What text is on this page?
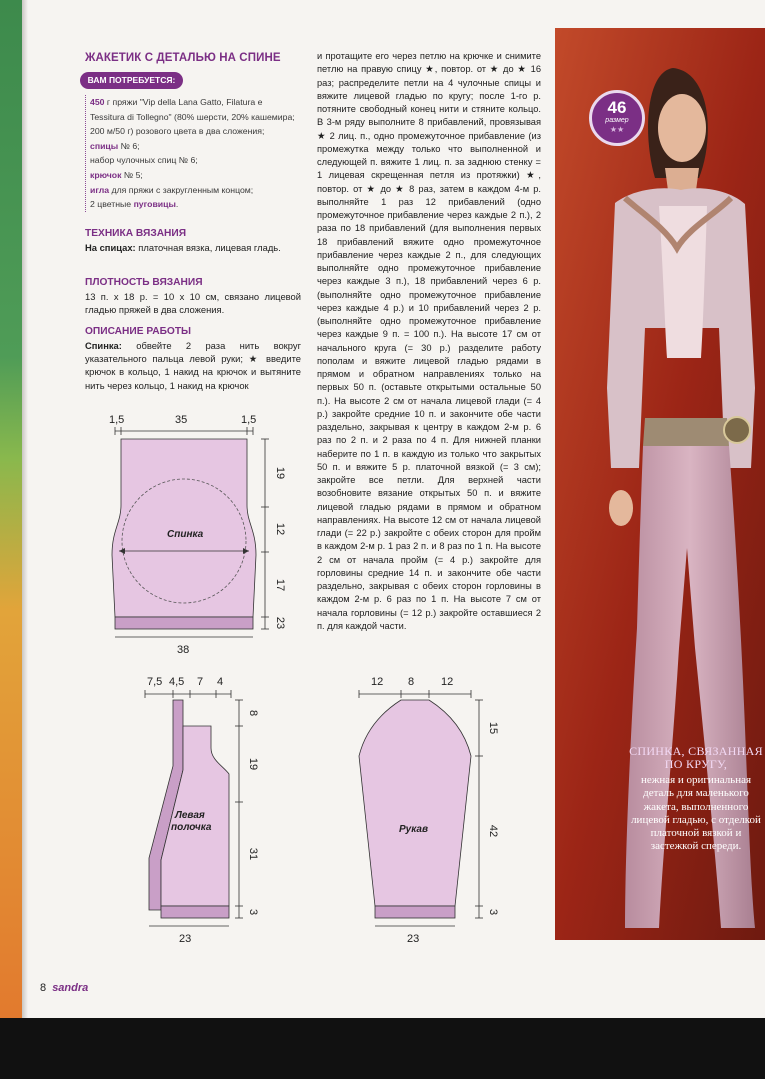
ЖАКЕТИК С ДЕТАЛЬЮ НА СПИНЕ
ВАМ ПОТРЕБУЕТСЯ:

450 г пряжи "Vip della Lana Gatto, Filatura e Tessitura di Tollegno" (80% шерсти, 20% кашемира; 200 м/50 г) розового цвета в два сложения;

спицы № 6;

набор чулочных спиц № 6;

крючок № 5;

игла для пряжи с закругленным концом;

2 цветные пуговицы.

ТЕХНИКА ВЯЗАНИЯ

На спицах: платочная вязка, лицевая гладь.

ПЛОТНОСТЬ ВЯЗАНИЯ
13 п. х 18 р. = 10 х 10 см, связано лицевой гладью пряжей в два сложения.
ОПИСАНИЕ РАБОТЫ

Спинка: обвейте 2 раза нить вокруг указательного пальца левой руки; ★ введите крючок в кольцо, 1 накид на крючок и вытяните нить через кольцо, 1 накид на крючок

и протащите его через петлю на крючке и снимите петлю на правую спицу ★, повтор. от ★ до ★ 16 раз; распределите петли на 4 чулочные спицы и вяжите лицевой гладью по кругу; после 1-го р. потяните свободный конец нити и стяните кольцо. В 3-м ряду выполните 8 прибавлений, провязывая ★ 2 лиц. п., одно промежуточное прибавление (из промежутка между только что выполненной и следующей п. вяжите 1 лиц. п. за заднюю стенку = 1 лицевая скрещенная петля из протяжки) ★, повтор. от ★ до ★ 8 раз, затем в каждом 4-м р. выполняйте 1 раз 12 прибавлений (одно промежуточное прибавление через каждые 2 п.), 2 раза по 18 прибавлений (для выполнения первых 18 прибавлений вяжите одно промежуточное прибавление через каждые 2 п., для следующих выполняйте одно промежуточное прибавление через каждые 3 п.), 18 прибавлений через 6 р. (выполняйте одно промежуточное прибавление через каждые 4 р.) и 10 прибавлений через 2 р. (выполняйте одно промежуточное прибавление через каждые 9 п. = 100 п.). На высоте 17 см от начального круга (= 30 р.) разделите работу пополам и вяжите лицевой гладью рядами в прямом и обратном направлениях только на первых 50 п. (оставьте открытыми остальные 50 п.). На высоте 2 см от начала лицевой глади (= 4 р.) закройте средние 10 п. и закончите обе части раздельно, закрывая к центру в каждом 2-м р. 6 раз по 2 п. и 2 раза по 4 п. Для нижней планки наберите по 1 п. в каждую из только что закрытых 50 п. и вяжите 5 р. платочной вязкой (= 3 см); закройте все петли. Для верхней части возобновите вязание открытых 50 п. и вяжите лицевой гладью рядами в прямом и обратном направлениях. На высоте 12 см от начала лицевой глади (= 22 р.) закройте с обеих сторон для пройм в каждом 2-м р. 1 раз 2 п. и 8 раз по 1 п. На высоте 2 см от начала пройм (= 4 р.) закройте для горловины средние 14 п. и закончите обе части раздельно, закрывая с обеих сторон горловины в каждом 2-м р. 6 раз по 1 п. На высоте 7 см от начала горловины (= 12 р.) закройте оставшиеся 2 п. для каждой части.

1,5	35	1,5
Спинка
19
12
17
23
38
7,5 4,5 7 4
Левая
полочка
8
19
31
3
23
12 8 12
Рукав
15
42
3
23
46
размер
★★
СПИНКА, СВЯЗАННАЯ ПО КРУГУ,
нежная и оригинальная деталь для маленького жакета, выполненного лицевой гладью, с отделкой платочной вязкой и застежкой спереди.
8 sandra
